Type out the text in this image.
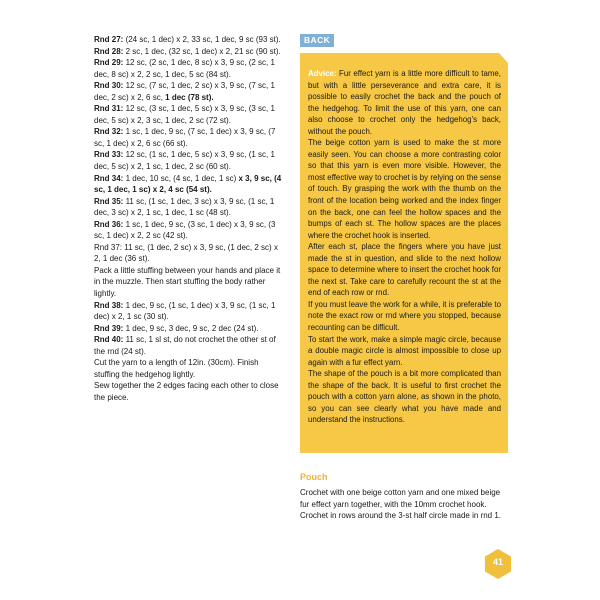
Rnd 27: (24 sc, 1 dec) x 2, 33 sc, 1 dec, 9 sc (93 st).

Rnd 28: 2 sc, 1 dec, (32 sc, 1 dec) x 2, 21 sc (90 st).

Rnd 29: 12 sc, (2 sc, 1 dec, 8 sc) x 3, 9 sc, (2 sc, 1 dec, 8 sc) x 2, 2 sc, 1 dec, 5 sc (84 st).

Rnd 30: 12 sc, (7 sc, 1 dec, 2 sc) x 3, 9 sc, (7 sc, 1 dec, 2 sc) x 2, 6 sc, 1 dec (78 st).

Rnd 31: 12 sc, (3 sc, 1 dec, 5 sc) x 3, 9 sc, (3 sc, 1 dec, 5 sc) x 2, 3 sc, 1 dec, 2 sc (72 st).

Rnd 32: 1 sc, 1 dec, 9 sc, (7 sc, 1 dec) x 3, 9 sc, (7 sc, 1 dec) x 2, 6 sc (66 st).

Rnd 33: 12 sc, (1 sc, 1 dec, 5 sc) x 3, 9 sc, (1 sc, 1 dec, 5 sc) x 2, 1 sc, 1 dec, 2 sc (60 st).

Rnd 34: 1 dec, 10 sc, (4 sc, 1 dec, 1 sc) x 3, 9 sc, (4 sc, 1 dec, 1 sc) x 2, 4 sc (54 st).

Rnd 35: 11 sc, (1 sc, 1 dec, 3 sc) x 3, 9 sc, (1 sc, 1 dec, 3 sc) x 2, 1 sc, 1 dec, 1 sc (48 st).

Rnd 36: 1 sc, 1 dec, 9 sc, (3 sc, 1 dec) x 3, 9 sc, (3 sc, 1 dec) x 2, 2 sc (42 st).

Rnd 37: 11 sc, (1 dec, 2 sc) x 3, 9 sc, (1 dec, 2 sc) x 2, 1 dec (36 st).

Pack a little stuffing between your hands and place it in the muzzle. Then start stuffing the body rather lightly.

Rnd 38: 1 dec, 9 sc, (1 sc, 1 dec) x 3, 9 sc, (1 sc, 1 dec) x 2, 1 sc (30 st).

Rnd 39: 1 dec, 9 sc, 3 dec, 9 sc, 2 dec (24 st).

Rnd 40: 11 sc, 1 sl st, do not crochet the other st of the rnd (24 st).

Cut the yarn to a length of 12in. (30cm). Finish stuffing the hedgehog lightly.

Sew together the 2 edges facing each other to close the piece.

BACK

Advice: Fur effect yarn is a little more difficult to tame, but with a little perseverance and extra care, it is possible to easily crochet the back and the pouch of the hedgehog. To limit the use of this yarn, one can also choose to crochet only the hedgehog's back, without the pouch.

The beige cotton yarn is used to make the st more easily seen. You can choose a more contrasting color so that this yarn is even more visible. However, the most effective way to crochet is by relying on the sense of touch. By grasping the work with the thumb on the front of the location being worked and the index finger on the back, one can feel the hollow spaces and the bumps of each st. The hollow spaces are the places where the crochet hook is inserted.

After each st, place the fingers where you have just made the st in question, and slide to the next hollow space to determine where to insert the crochet hook for the next st. Take care to carefully recount the st at the end of each row or rnd.

If you must leave the work for a while, it is preferable to note the exact row or rnd where you stopped, because recounting can be difficult.

To start the work, make a simple magic circle, because a double magic circle is almost impossible to close up again with a fur effect yarn.

The shape of the pouch is a bit more complicated than the shape of the back. It is useful to first crochet the pouch with a cotton yarn alone, as shown in the photo, so you can see clearly what you have made and understand the instructions.

Pouch
Crochet with one beige cotton yarn and one mixed beige fur effect yarn together, with the 10mm crochet hook. Crochet in rows around the 3-st half circle made in rnd 1.
41
